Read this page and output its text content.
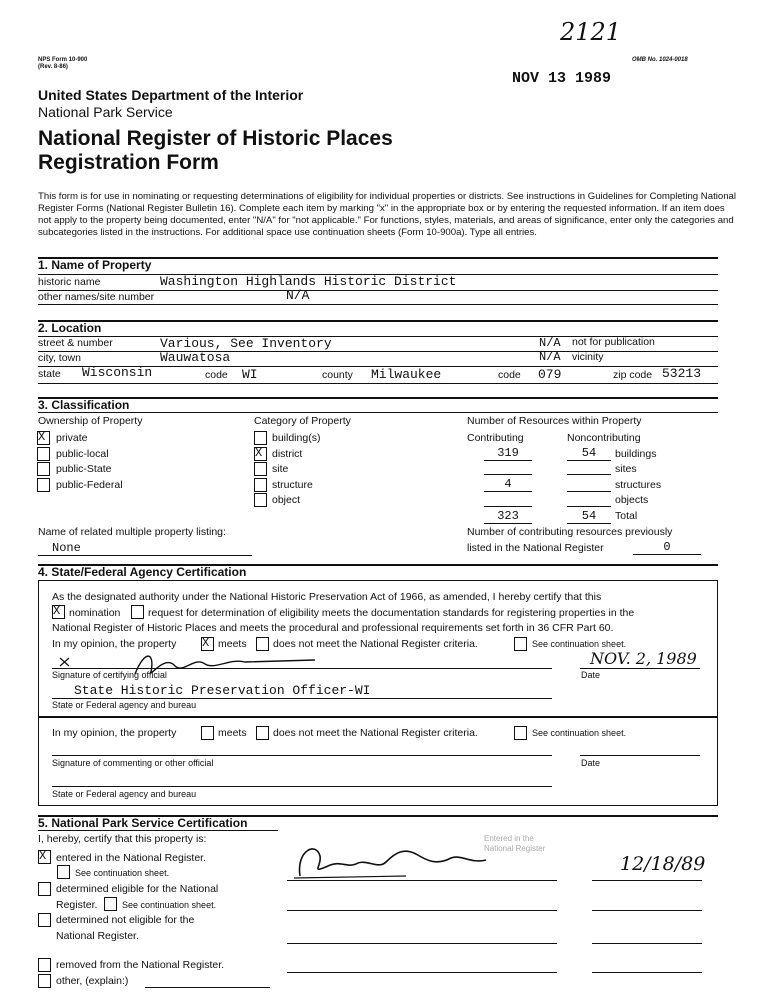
2121
NPS Form 10-900
(Rev. 8-86)
OMB No. 1024-0018
NOV 13 1989
United States Department of the Interior
National Park Service
National Register of Historic Places
Registration Form
This form is for use in nominating or requesting determinations of eligibility for individual properties or districts. See instructions in Guidelines for Completing National Register Forms (National Register Bulletin 16). Complete each item by marking "x" in the appropriate box or by entering the requested information. If an item does not apply to the property being documented, enter "N/A" for "not applicable." For functions, styles, materials, and areas of significance, enter only the categories and subcategories listed in the instructions. For additional space use continuation sheets (Form 10-900a). Type all entries.
1. Name of Property
historic name	Washington Highlands Historic District
other names/site number	N/A
2. Location
street & number	Various, See Inventory	N/A not for publication
city, town	Wauwatosa	N/A vicinity
state Wisconsin	code WI	county Milwaukee	code 079	zip code 53213
3. Classification
Ownership of Property
X
private
public-local
public-State
public-Federal
Category of Property
building(s)
X
district
site
structure
object
Number of Resources within Property
Contributing	Noncontributing
319	54	buildings
sites
4	structures
objects
323	54	Total
Name of related multiple property listing:
None
Number of contributing resources previously
listed in the National Register	0
4. State/Federal Agency Certification
As the designated authority under the National Historic Preservation Act of 1966, as amended, I hereby certify that this
X
nomination	request for determination of eligibility meets the documentation standards for registering properties in the
National Register of Historic Places and meets the procedural and professional requirements set forth in 36 CFR Part 60.
In my opinion, the property
X	meets	does not meet the National Register criteria.	See continuation sheet.
NOV. 2, 1989
Signature of certifying official	Date
State Historic Preservation Officer-WI
State or Federal agency and bureau
In my opinion, the property	meets	does not meet the National Register criteria.	See continuation sheet.
Signature of commenting or other official	Date
State or Federal agency and bureau
5. National Park Service Certification
I, hereby, certify that this property is:
X
entered in the National Register.
See continuation sheet.
determined eligible for the National
Register.	See continuation sheet.
determined not eligible for the
National Register.
removed from the National Register.
other, (explain:)
Entered in the National Register
12/18/89
